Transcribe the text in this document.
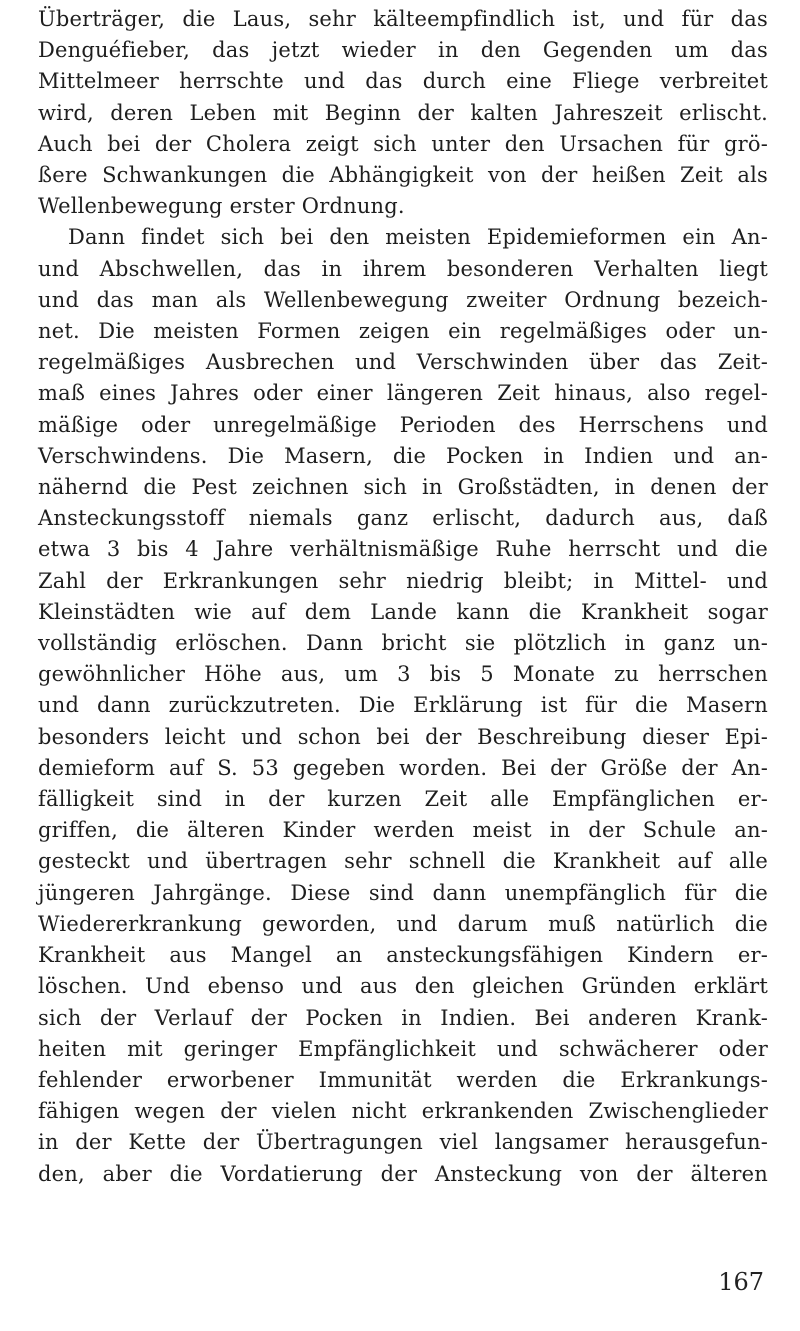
Überträger, die Laus, sehr kälteempfindlich ist, und für das
Denguéfieber, das jetzt wieder in den Gegenden um das
Mittelmeer herrschte und das durch eine Fliege verbreitet
wird, deren Leben mit Beginn der kalten Jahreszeit erlischt.
Auch bei der Cholera zeigt sich unter den Ursachen für grö-
ßere Schwankungen die Abhängigkeit von der heißen Zeit als
Wellenbewegung erster Ordnung.

Dann findet sich bei den meisten Epidemieformen ein An-
und Abschwellen, das in ihrem besonderen Verhalten liegt
und das man als Wellenbewegung zweiter Ordnung bezeich-
net. Die meisten Formen zeigen ein regelmäßiges oder un-
regelmäßiges Ausbrechen und Verschwinden über das Zeit-
maß eines Jahres oder einer längeren Zeit hinaus, also regel-
mäßige oder unregelmäßige Perioden des Herrschens und
Verschwindens. Die Masern, die Pocken in Indien und an-
nähernd die Pest zeichnen sich in Großstädten, in denen der
Ansteckungsstoff niemals ganz erlischt, dadurch aus, daß
etwa 3 bis 4 Jahre verhältnismäßige Ruhe herrscht und die
Zahl der Erkrankungen sehr niedrig bleibt; in Mittel- und
Kleinstädten wie auf dem Lande kann die Krankheit sogar
vollständig erlöschen. Dann bricht sie plötzlich in ganz un-
gewöhnlicher Höhe aus, um 3 bis 5 Monate zu herrschen
und dann zurückzutreten. Die Erklärung ist für die Masern
besonders leicht und schon bei der Beschreibung dieser Epi-
demieform auf S. 53 gegeben worden. Bei der Größe der An-
fälligkeit sind in der kurzen Zeit alle Empfänglichen er-
griffen, die älteren Kinder werden meist in der Schule an-
gesteckt und übertragen sehr schnell die Krankheit auf alle
jüngeren Jahrgänge. Diese sind dann unempfänglich für die
Wiedererkrankung geworden, und darum muß natürlich die
Krankheit aus Mangel an ansteckungsfähigen Kindern er-
löschen. Und ebenso und aus den gleichen Gründen erklärt
sich der Verlauf der Pocken in Indien. Bei anderen Krank-
heiten mit geringer Empfänglichkeit und schwächerer oder
fehlender erworbener Immunität werden die Erkrankungs-
fähigen wegen der vielen nicht erkrankenden Zwischenglieder
in der Kette der Übertragungen viel langsamer herausgefun-
den, aber die Vordatierung der Ansteckung von der älteren

167
